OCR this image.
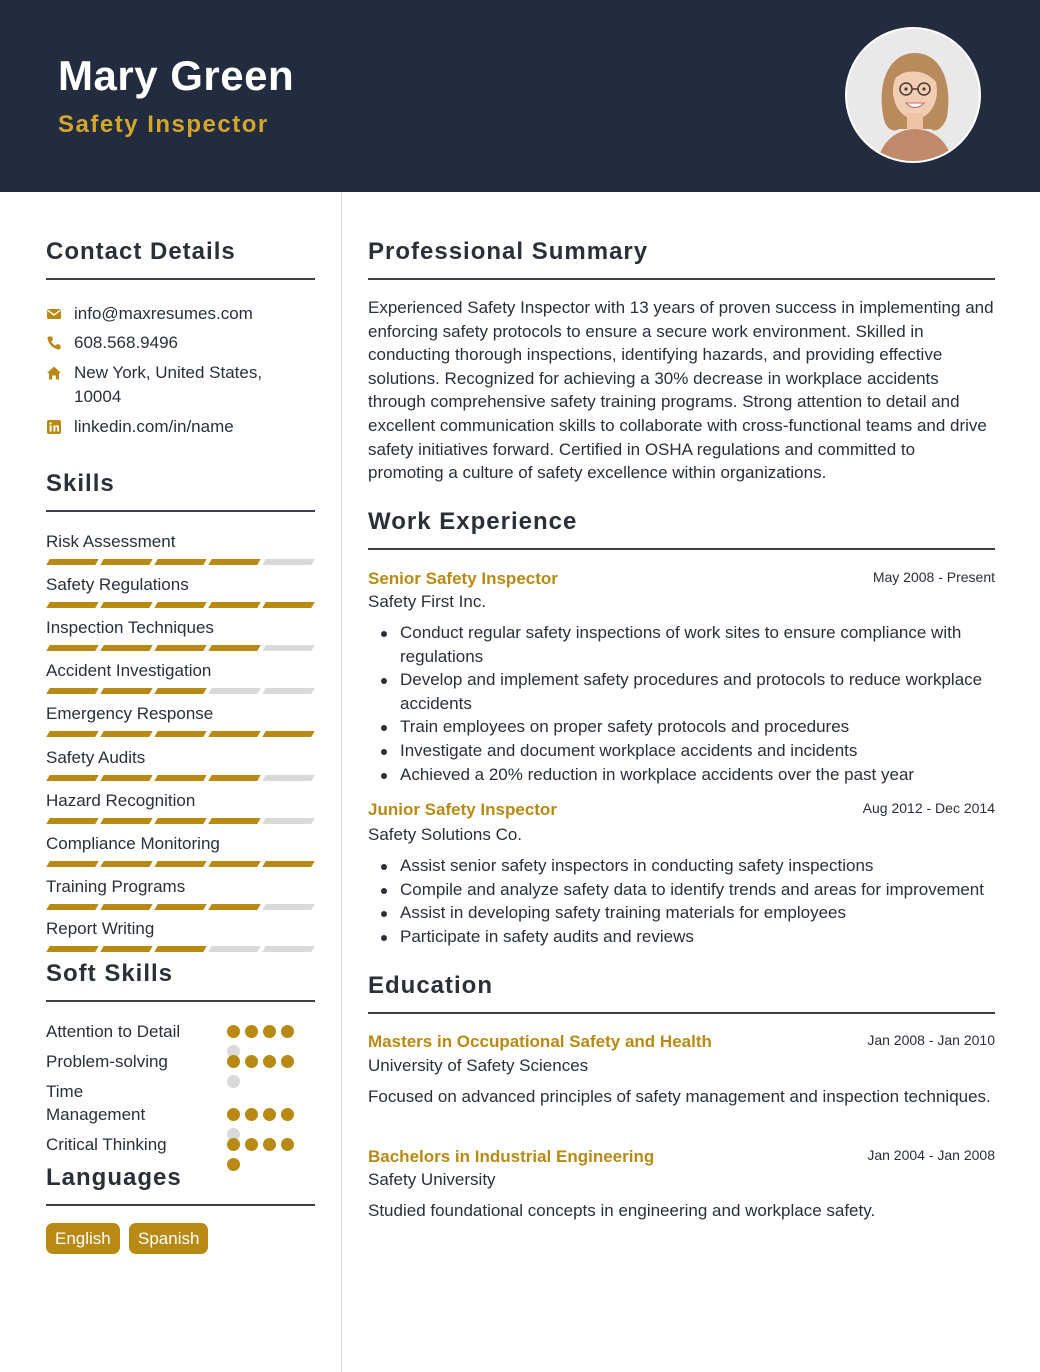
Mary Green
Safety Inspector
Contact Details
info@maxresumes.com
608.568.9496
New York, United States, 10004
linkedin.com/in/name
Skills
Risk Assessment
Safety Regulations
Inspection Techniques
Accident Investigation
Emergency Response
Safety Audits
Hazard Recognition
Compliance Monitoring
Training Programs
Report Writing
Soft Skills
Attention to Detail
Problem-solving
Time Management
Critical Thinking
Languages
English	Spanish
Professional Summary
Experienced Safety Inspector with 13 years of proven success in implementing and enforcing safety protocols to ensure a secure work environment. Skilled in conducting thorough inspections, identifying hazards, and providing effective solutions. Recognized for achieving a 30% decrease in workplace accidents through comprehensive safety training programs. Strong attention to detail and excellent communication skills to collaborate with cross-functional teams and drive safety initiatives forward. Certified in OSHA regulations and committed to promoting a culture of safety excellence within organizations.
Work Experience
Senior Safety Inspector	May 2008 - Present
Safety First Inc.
Conduct regular safety inspections of work sites to ensure compliance with regulations
Develop and implement safety procedures and protocols to reduce workplace accidents
Train employees on proper safety protocols and procedures
Investigate and document workplace accidents and incidents
Achieved a 20% reduction in workplace accidents over the past year
Junior Safety Inspector	Aug 2012 - Dec 2014
Safety Solutions Co.
Assist senior safety inspectors in conducting safety inspections
Compile and analyze safety data to identify trends and areas for improvement
Assist in developing safety training materials for employees
Participate in safety audits and reviews
Education
Masters in Occupational Safety and Health	Jan 2008 - Jan 2010
University of Safety Sciences
Focused on advanced principles of safety management and inspection techniques.
Bachelors in Industrial Engineering	Jan 2004 - Jan 2008
Safety University
Studied foundational concepts in engineering and workplace safety.
